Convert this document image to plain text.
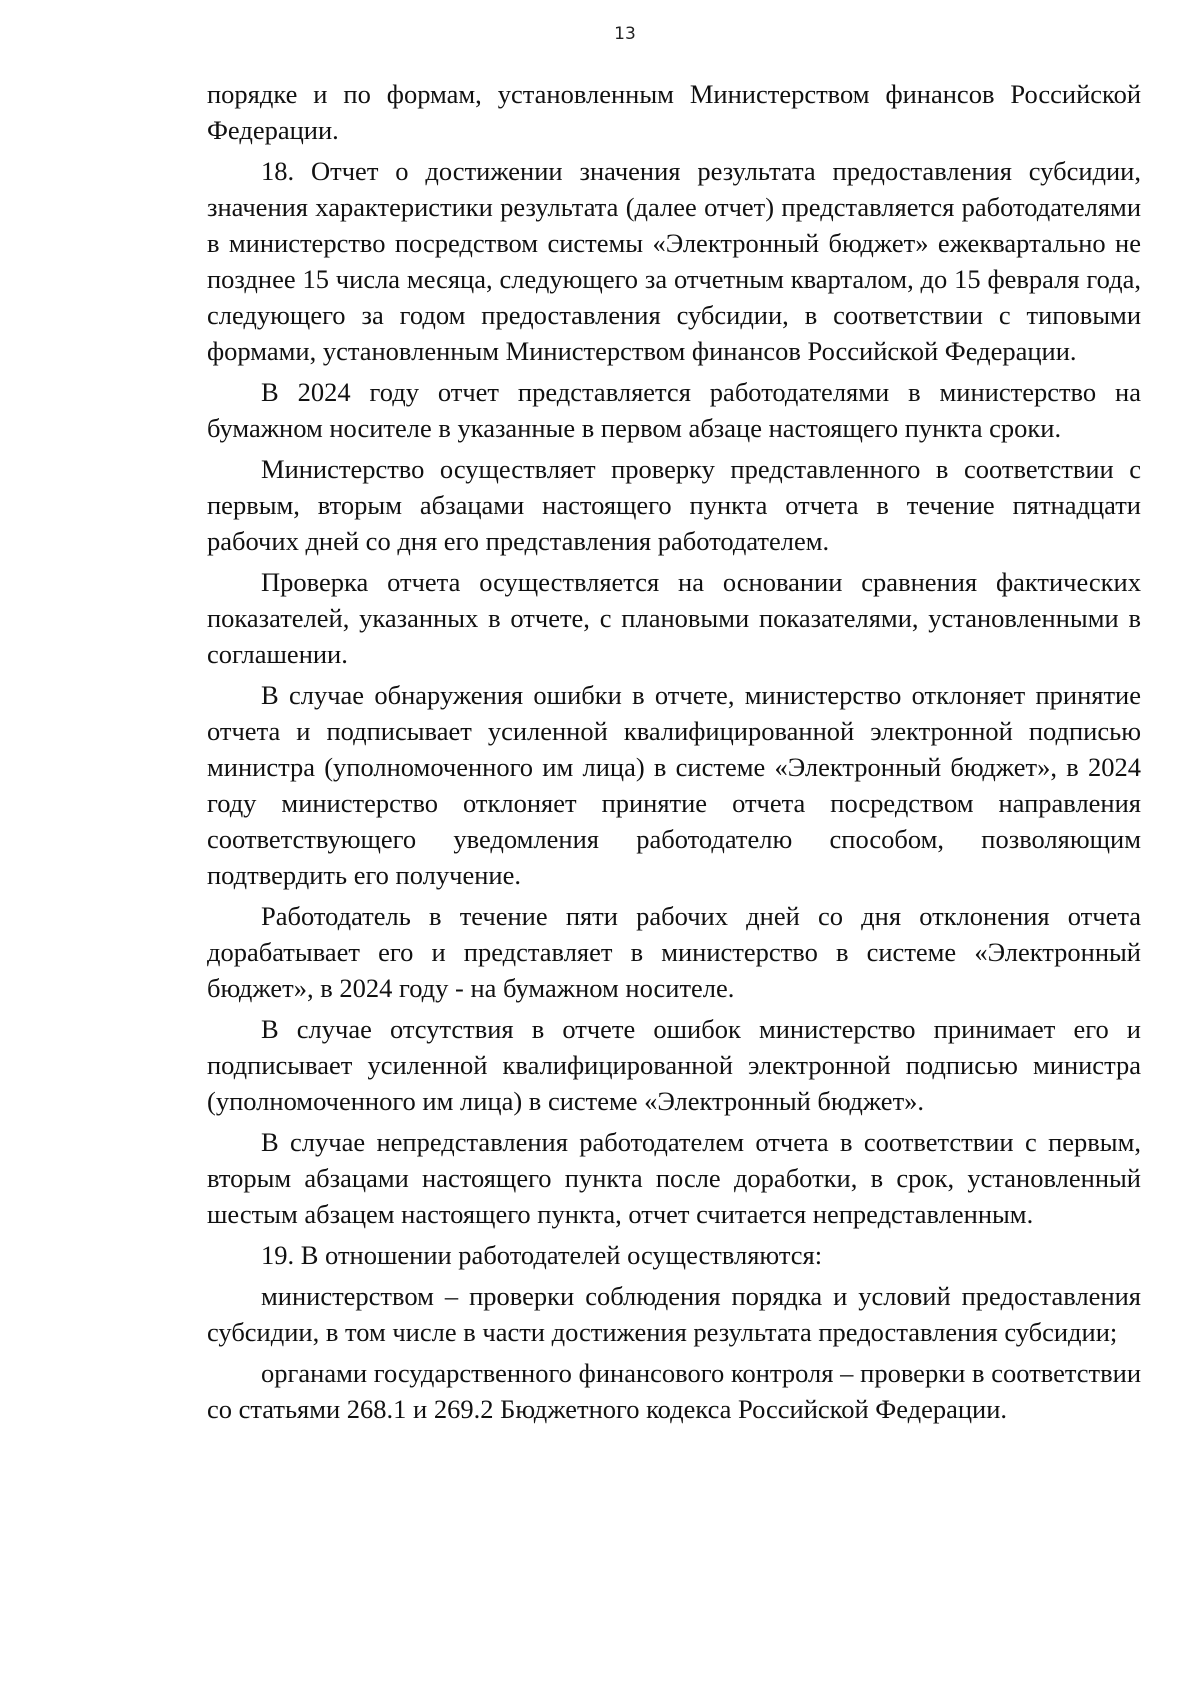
13

порядке и по формам, установленным Министерством финансов Российской Федерации.

18. Отчет о достижении значения результата предоставления субсидии, значения характеристики результата (далее отчет) представляется работодателями в министерство посредством системы «Электронный бюджет» ежеквартально не позднее 15 числа месяца, следующего за отчетным кварталом, до 15 февраля года, следующего за годом предоставления субсидии, в соответствии с типовыми формами, установленным Министерством финансов Российской Федерации.

В 2024 году отчет представляется работодателями в министерство на бумажном носителе в указанные в первом абзаце настоящего пункта сроки.

Министерство осуществляет проверку представленного в соответствии с первым, вторым абзацами настоящего пункта отчета в течение пятнадцати рабочих дней со дня его представления работодателем.

Проверка отчета осуществляется на основании сравнения фактических показателей, указанных в отчете, с плановыми показателями, установленными в соглашении.

В случае обнаружения ошибки в отчете, министерство отклоняет принятие отчета и подписывает усиленной квалифицированной электронной подписью министра (уполномоченного им лица) в системе «Электронный бюджет», в 2024 году министерство отклоняет принятие отчета посредством направления соответствующего уведомления работодателю способом, позволяющим подтвердить его получение.

Работодатель в течение пяти рабочих дней со дня отклонения отчета дорабатывает его и представляет в министерство в системе «Электронный бюджет», в 2024 году - на бумажном носителе.

В случае отсутствия в отчете ошибок министерство принимает его и подписывает усиленной квалифицированной электронной подписью министра (уполномоченного им лица) в системе «Электронный бюджет».

В случае непредставления работодателем отчета в соответствии с первым, вторым абзацами настоящего пункта после доработки, в срок, установленный шестым абзацем настоящего пункта, отчет считается непредставленным.

19. В отношении работодателей осуществляются:

министерством – проверки соблюдения порядка и условий предоставления субсидии, в том числе в части достижения результата предоставления субсидии;

органами государственного финансового контроля – проверки в соответствии со статьями 268.1 и 269.2 Бюджетного кодекса Российской Федерации.
